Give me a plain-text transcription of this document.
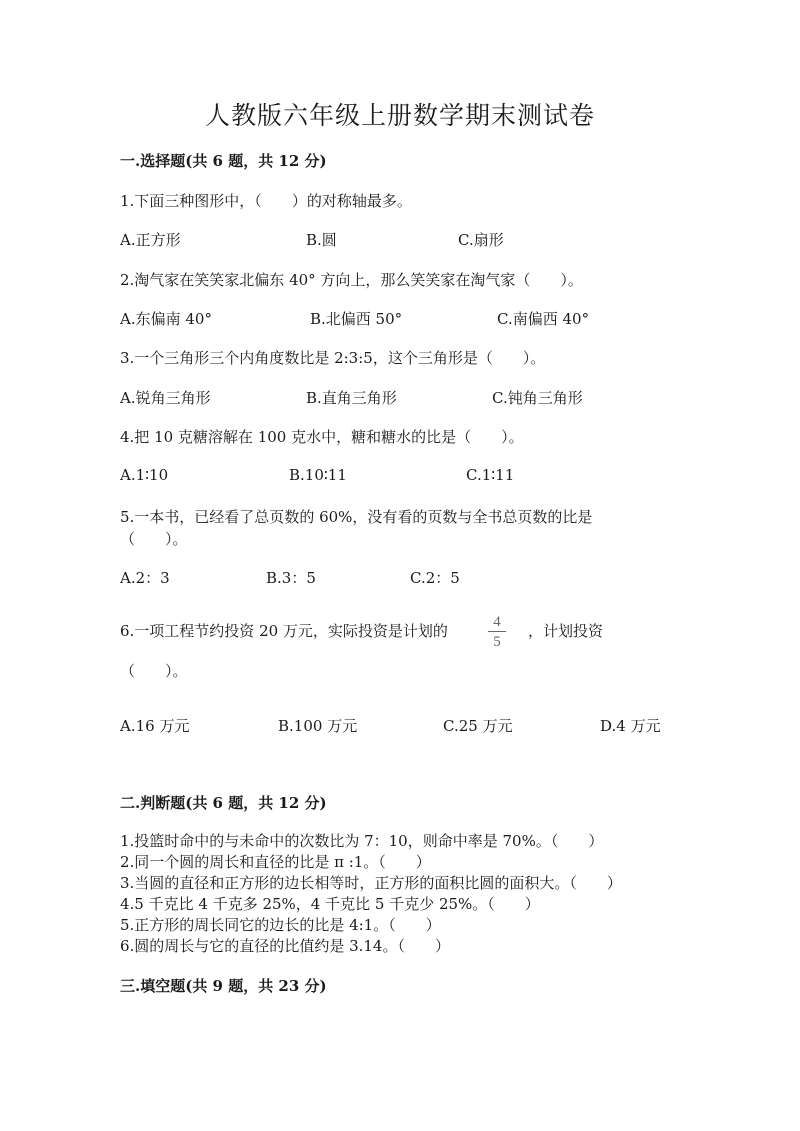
人教版六年级上册数学期末测试卷
一.选择题(共 6 题，共 12 分)
1.下面三种图形中，（　　）的对称轴最多。
A.正方形	B.圆	C.扇形
2.淘气家在笑笑家北偏东 40° 方向上，那么笑笑家在淘气家（　　）。
A.东偏南 40°	B.北偏西 50°	C.南偏西 40°
3.一个三角形三个内角度数比是 2:3:5，这个三角形是（　　）。
A.锐角三角形	B.直角三角形	C.钝角三角形
4.把 10 克糖溶解在 100 克水中，糖和糖水的比是（　　）。
A.1∶10	B.10∶11	C.1∶11
5.一本书，已经看了总页数的 60%，没有看的页数与全书总页数的比是
（　　）。
A.2：3	B.3：5	C.2：5
6.一项工程节约投资 20 万元，实际投资是计划的	$\frac{4}{5}$ ，计划投资
（　　）。
A.16 万元	B.100 万元	C.25 万元	D.4 万元
二.判断题(共 6 题，共 12 分)
1.投篮时命中的与未命中的次数比为 7：10，则命中率是 70%。（　　）
2.同一个圆的周长和直径的比是 π :1。（　　）
3.当圆的直径和正方形的边长相等时，正方形的面积比圆的面积大。（　　）
4.5 千克比 4 千克多 25%，4 千克比 5 千克少 25%。（　　）
5.正方形的周长同它的边长的比是 4:1。（　　）
6.圆的周长与它的直径的比值约是 3.14。（　　）
三.填空题(共 9 题，共 23 分)
